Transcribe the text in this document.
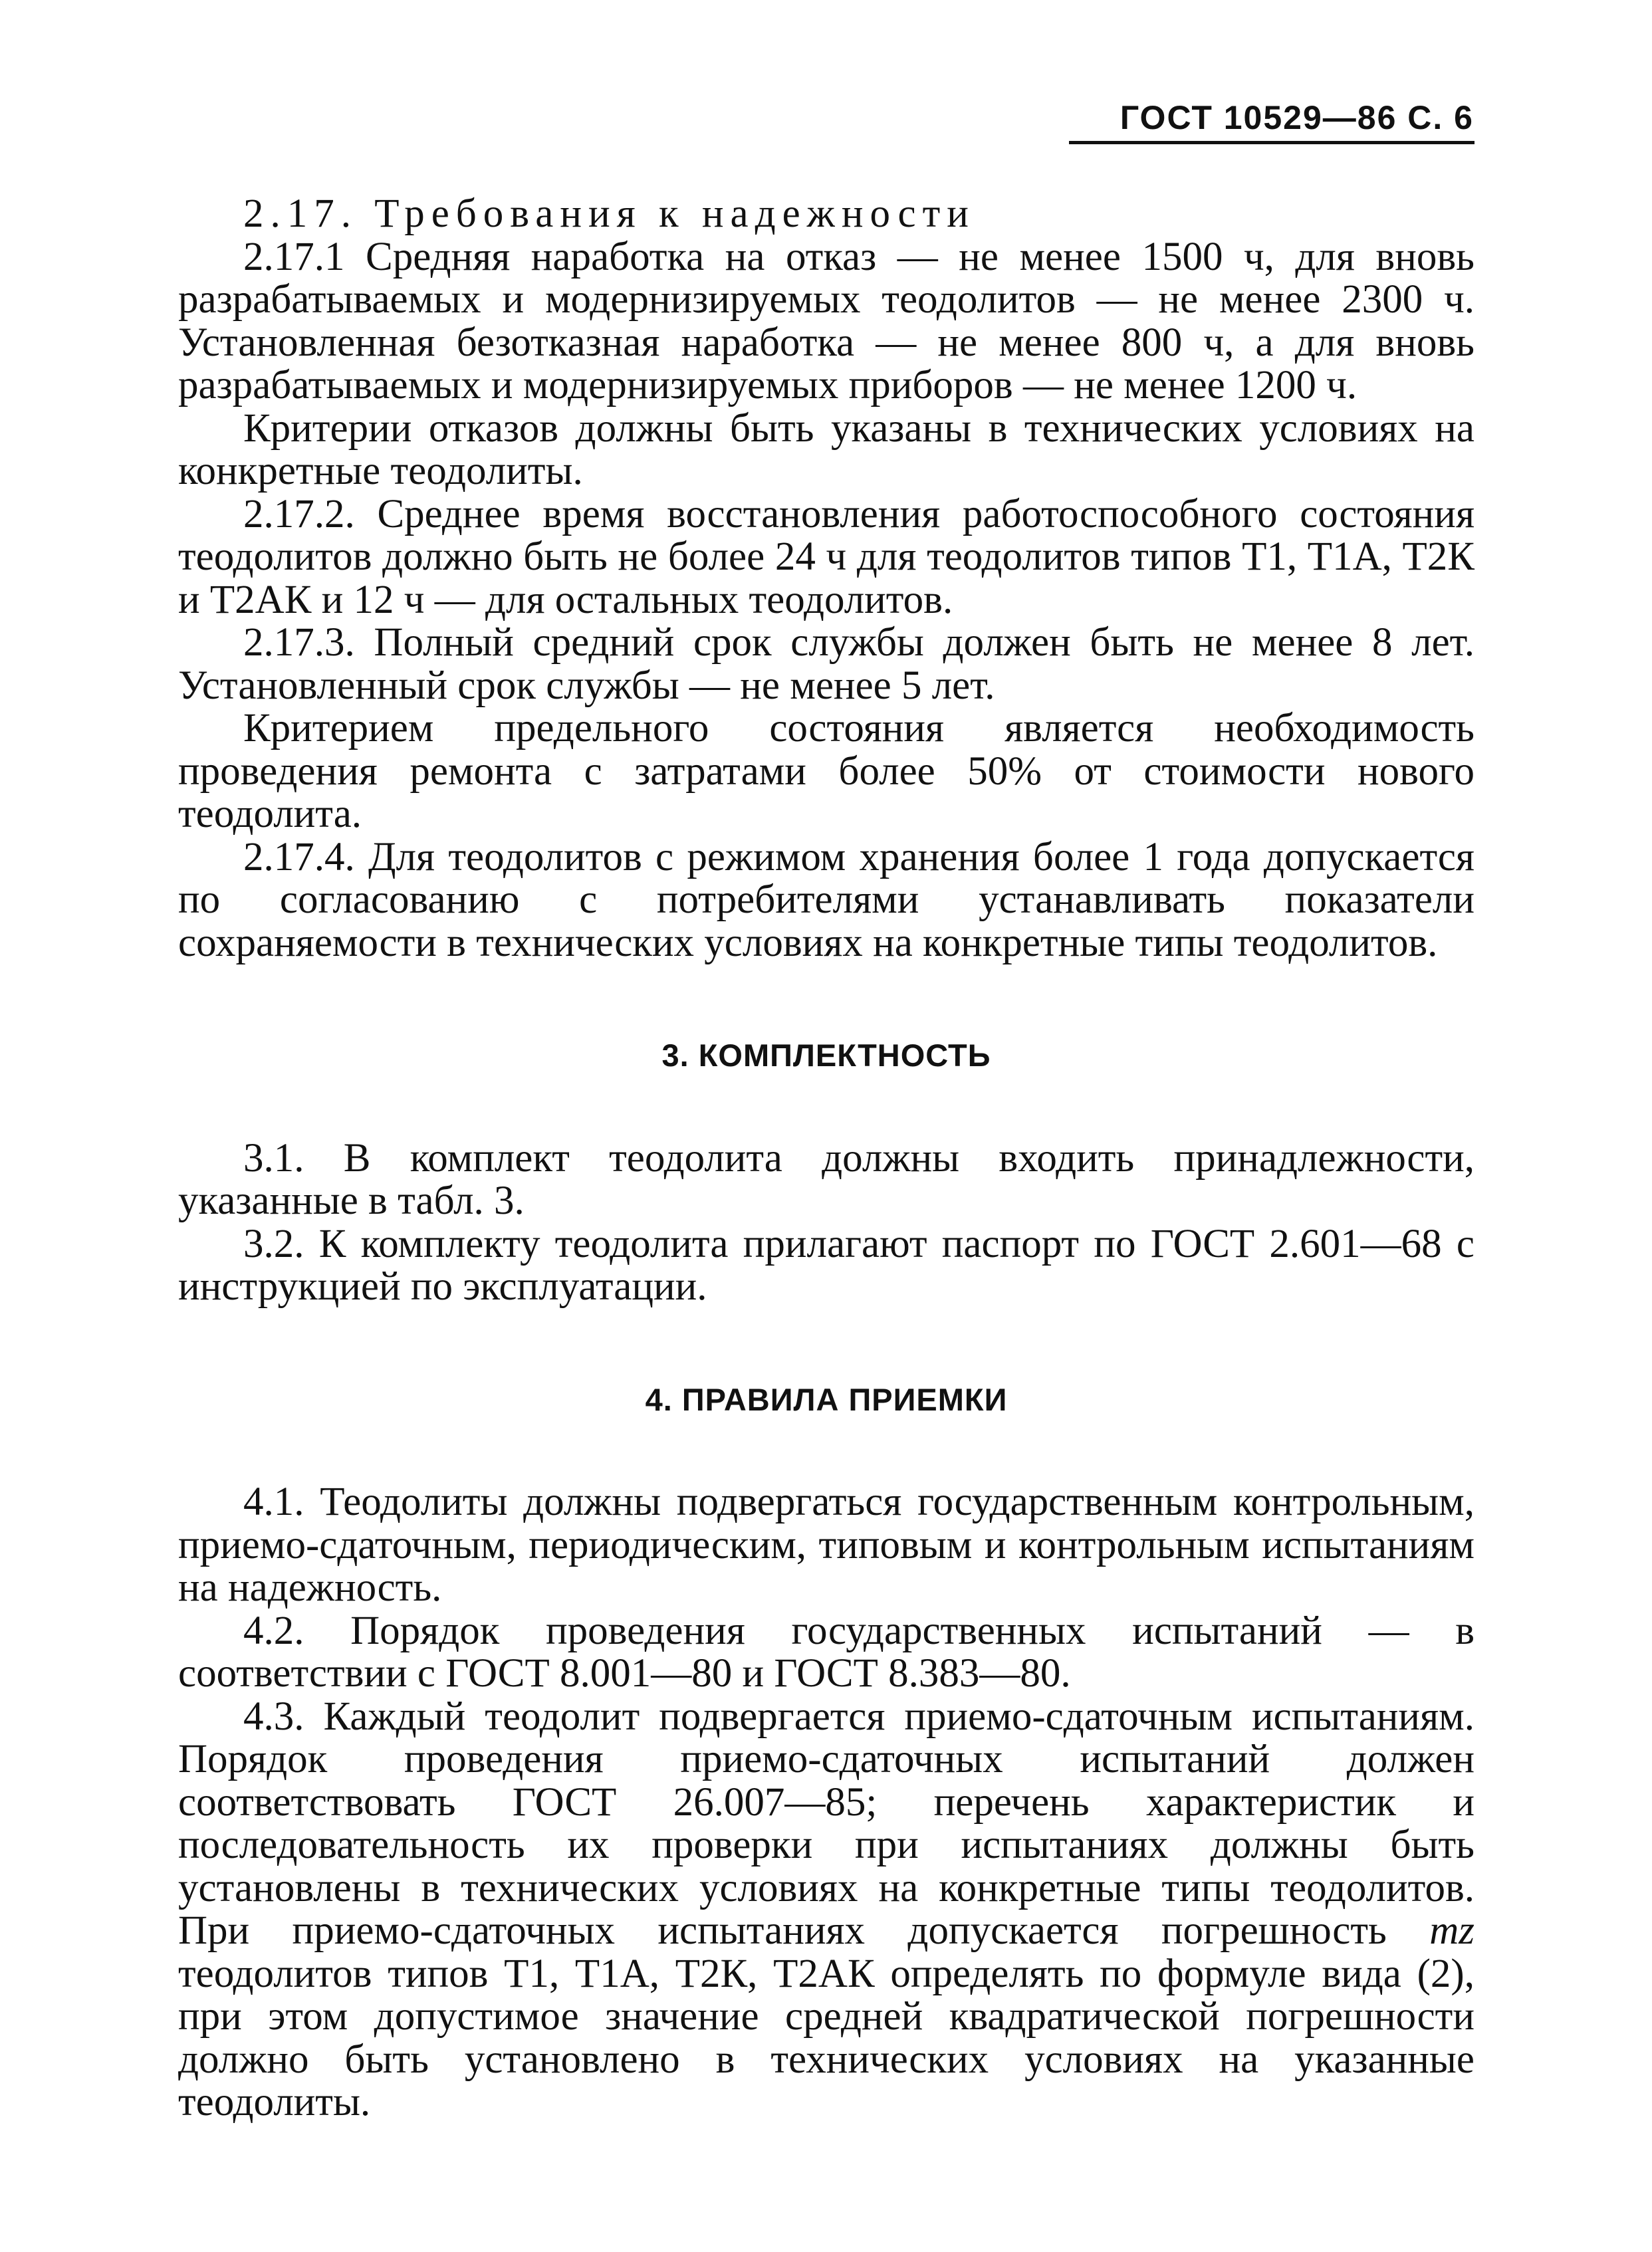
ГОСТ 10529—86 С. 6

2.17. Требования к надежности

2.17.1 Средняя наработка на отказ — не менее 1500 ч, для вновь разрабатываемых и модернизируемых теодолитов — не менее 2300 ч. Установленная безотказная наработка — не менее 800 ч, а для вновь разрабатываемых и модернизируемых приборов — не менее 1200 ч.

Критерии отказов должны быть указаны в технических условиях на конкретные теодолиты.

2.17.2. Среднее время восстановления работоспособного состояния теодолитов должно быть не более 24 ч для теодолитов типов Т1, Т1А, Т2К и Т2АК и 12 ч — для остальных теодолитов.

2.17.3. Полный средний срок службы должен быть не менее 8 лет. Установленный срок службы — не менее 5 лет.

Критерием предельного состояния является необходимость проведения ремонта с затратами более 50% от стоимости нового теодолита.

2.17.4. Для теодолитов с режимом хранения более 1 года допускается по согласованию с потребителями устанавливать показатели сохраняемости в технических условиях на конкретные типы теодолитов.

3. КОМПЛЕКТНОСТЬ

3.1. В комплект теодолита должны входить принадлежности, указанные в табл. 3.

3.2. К комплекту теодолита прилагают паспорт по ГОСТ 2.601—68 с инструкцией по эксплуатации.

4. ПРАВИЛА ПРИЕМКИ

4.1. Теодолиты должны подвергаться государственным контрольным, приемо-сдаточным, периодическим, типовым и контрольным испытаниям на надежность.

4.2. Порядок проведения государственных испытаний — в соответствии с ГОСТ 8.001—80 и ГОСТ 8.383—80.

4.3. Каждый теодолит подвергается приемо-сдаточным испытаниям. Порядок проведения приемо-сдаточных испытаний должен соответствовать ГОСТ 26.007—85; перечень характеристик и последовательность их проверки при испытаниях должны быть установлены в технических условиях на конкретные типы теодолитов. При приемо-сдаточных испытаниях допускается погрешность mz теодолитов типов Т1, Т1А, Т2К, Т2АК определять по формуле вида (2), при этом допустимое значение средней квадратической погрешности должно быть установлено в технических условиях на указанные теодолиты.
